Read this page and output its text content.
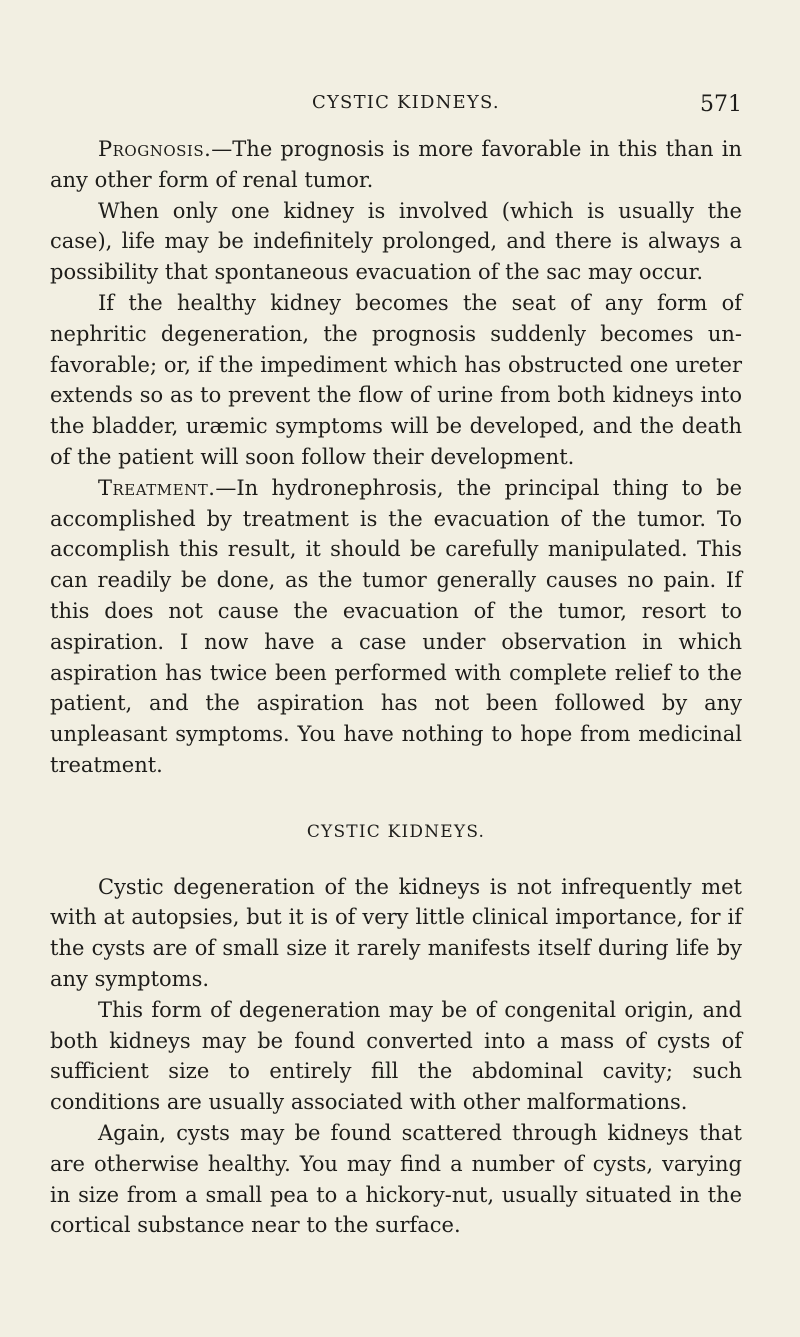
CYSTIC KIDNEYS.	571

Prognosis.—The prognosis is more favorable in this than in any other form of renal tumor.

When only one kidney is involved (which is usually the case), life may be indefinitely prolonged, and there is always a possibility that spontaneous evacuation of the sac may occur.

If the healthy kidney becomes the seat of any form of nephritic degeneration, the prognosis suddenly becomes unfavorable; or, if the impediment which has obstructed one ureter extends so as to prevent the flow of urine from both kidneys into the bladder, uræmic symptoms will be developed, and the death of the patient will soon follow their development.

Treatment.—In hydronephrosis, the principal thing to be accomplished by treatment is the evacuation of the tumor. To accomplish this result, it should be carefully manipulated. This can readily be done, as the tumor generally causes no pain. If this does not cause the evacuation of the tumor, resort to aspiration. I now have a case under observation in which aspiration has twice been performed with complete relief to the patient, and the aspiration has not been followed by any unpleasant symptoms. You have nothing to hope from medicinal treatment.

CYSTIC KIDNEYS.

Cystic degeneration of the kidneys is not infrequently met with at autopsies, but it is of very little clinical importance, for if the cysts are of small size it rarely manifests itself during life by any symptoms.

This form of degeneration may be of congenital origin, and both kidneys may be found converted into a mass of cysts of sufficient size to entirely fill the abdominal cavity; such conditions are usually associated with other malformations.

Again, cysts may be found scattered through kidneys that are otherwise healthy. You may find a number of cysts, varying in size from a small pea to a hickory-nut, usually situated in the cortical substance near to the surface.
